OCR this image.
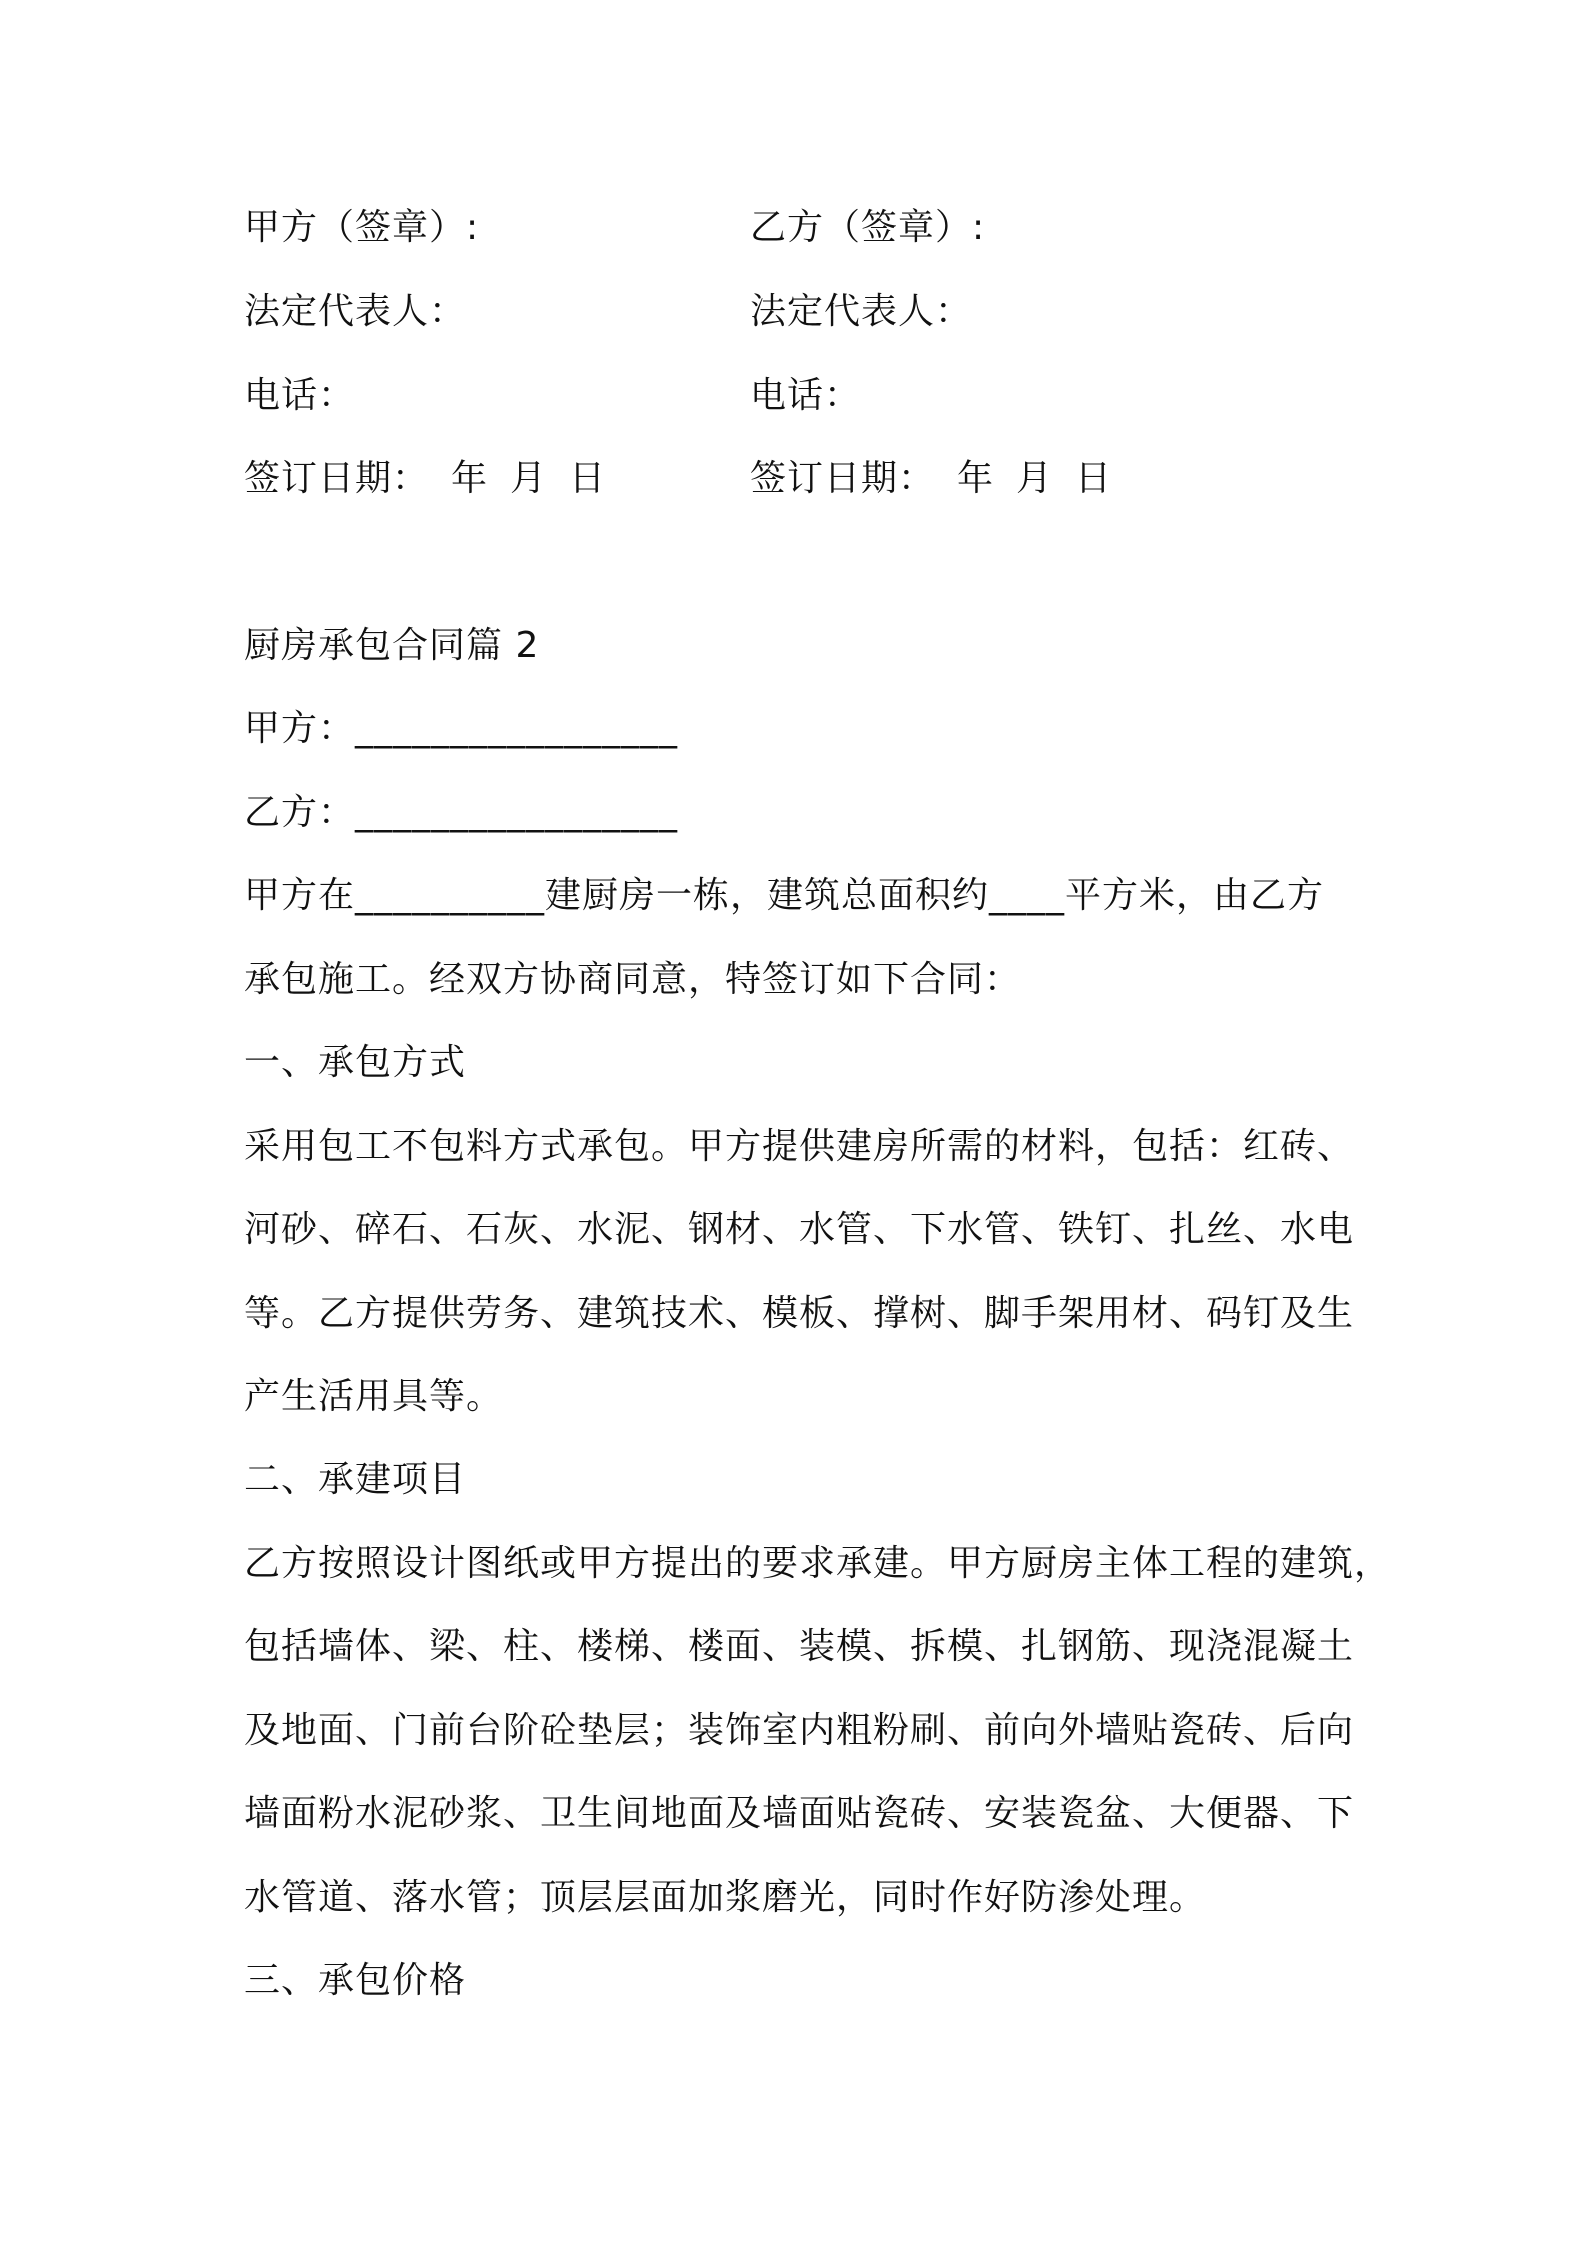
甲方（签章）:	乙方（签章）:
法定代表人：	法定代表人：
电话：	电话：
签订日期： 年 月 日	签订日期： 年 月 日
厨房承包合同篇 2
甲方：_________________
乙方：_________________
甲方在__________建厨房一栋，建筑总面积约____平方米，由乙方
承包施工。经双方协商同意，特签订如下合同：
一、承包方式
采用包工不包料方式承包。甲方提供建房所需的材料，包括：红砖、
河砂、碎石、石灰、水泥、钢材、水管、下水管、铁钉、扎丝、水电
等。乙方提供劳务、建筑技术、模板、撑树、脚手架用材、码钉及生
产生活用具等。
二、承建项目
乙方按照设计图纸或甲方提出的要求承建。甲方厨房主体工程的建筑，
包括墙体、梁、柱、楼梯、楼面、装模、拆模、扎钢筋、现浇混凝土
及地面、门前台阶砼垫层；装饰室内粗粉刷、前向外墙贴瓷砖、后向
墙面粉水泥砂浆、卫生间地面及墙面贴瓷砖、安装瓷盆、大便器、下
水管道、落水管；顶层层面加浆磨光，同时作好防渗处理。
三、承包价格
